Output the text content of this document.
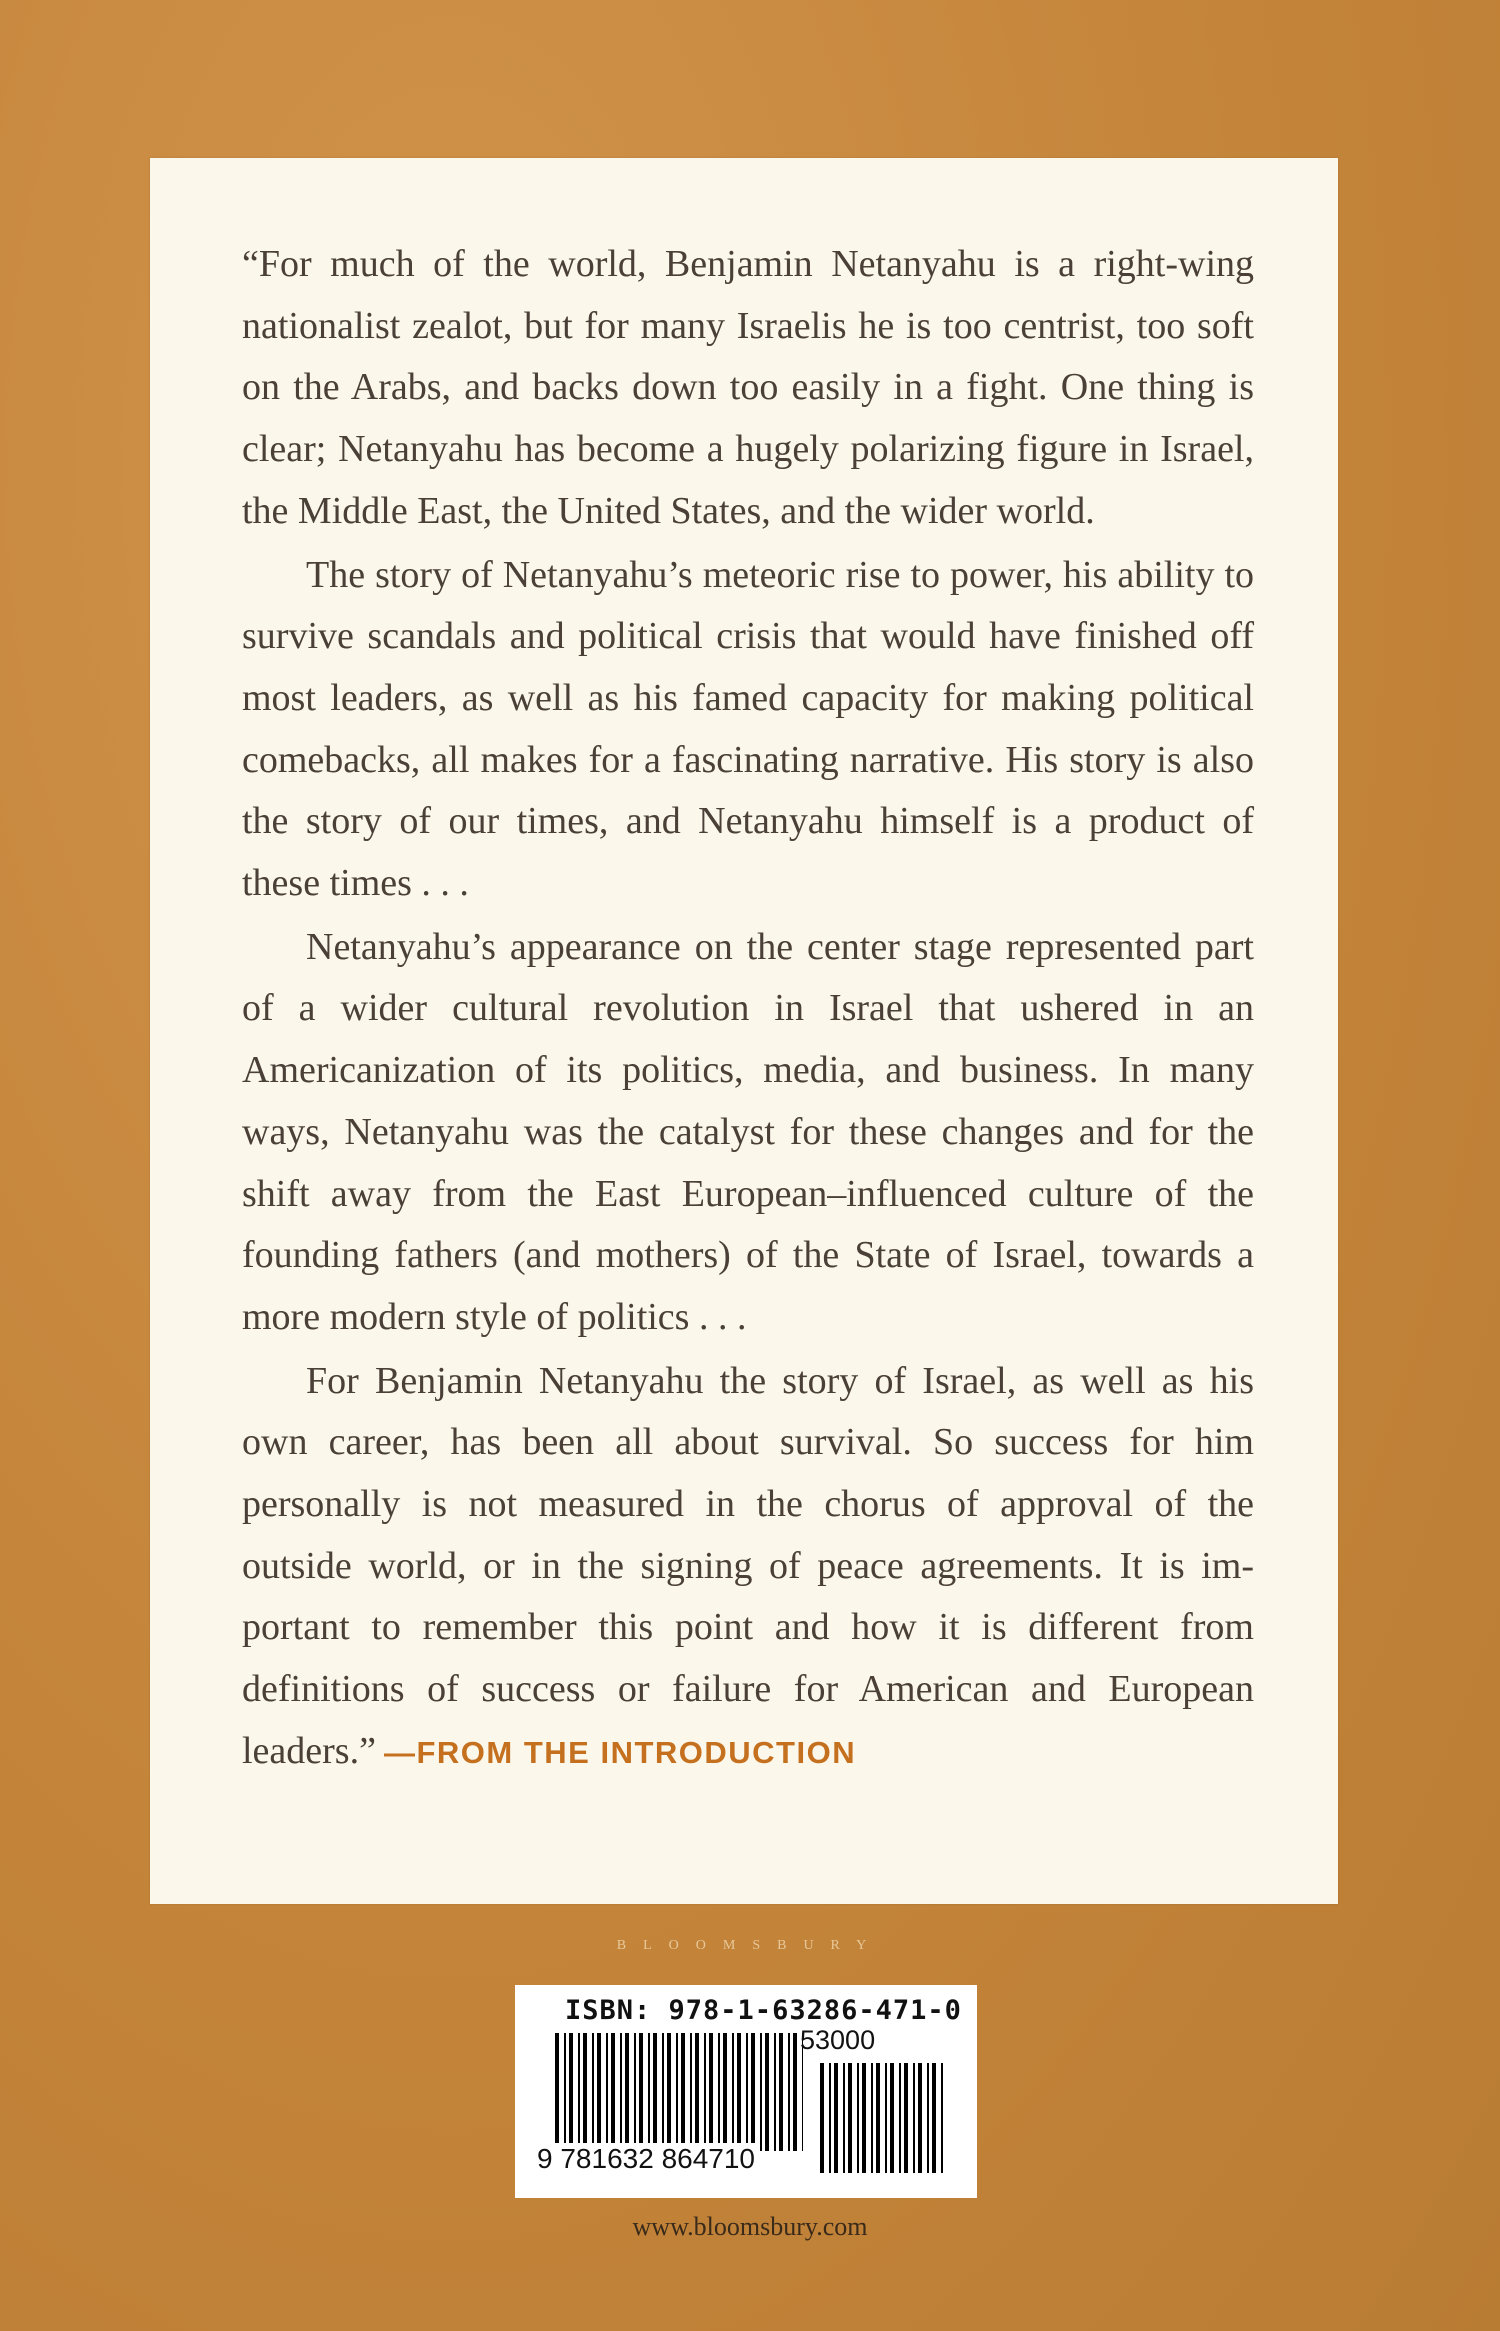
“For much of the world, Benjamin Netanyahu is a right-wing nationalist zealot, but for many Israelis he is too centrist, too soft on the Arabs, and backs down too easily in a fight. One thing is clear; Netanyahu has become a hugely polarizing figure in Israel, the Middle East, the United States, and the wider world.

The story of Netanyahu’s meteoric rise to power, his ability to survive scandals and political crisis that would have finished off most leaders, as well as his famed capacity for making political comebacks, all makes for a fascinating narrative. His story is also the story of our times, and Netanyahu himself is a product of these times . . .

Netanyahu’s appearance on the center stage represented part of a wider cultural revolution in Israel that ushered in an Americanization of its politics, media, and business. In many ways, Netanyahu was the catalyst for these changes and for the shift away from the East European–influenced culture of the founding fathers (and mothers) of the State of Israel, towards a more modern style of politics . . .

For Benjamin Netanyahu the story of Israel, as well as his own career, has been all about survival. So success for him personally is not measured in the chorus of approval of the outside world, or in the signing of peace agreements. It is important to remember this point and how it is different from definitions of success or failure for American and European leaders.” —FROM THE INTRODUCTION

BLOOMSBURY
ISBN: 978-1-63286-471-0
53000
9 781632 864710
www.bloomsbury.com
